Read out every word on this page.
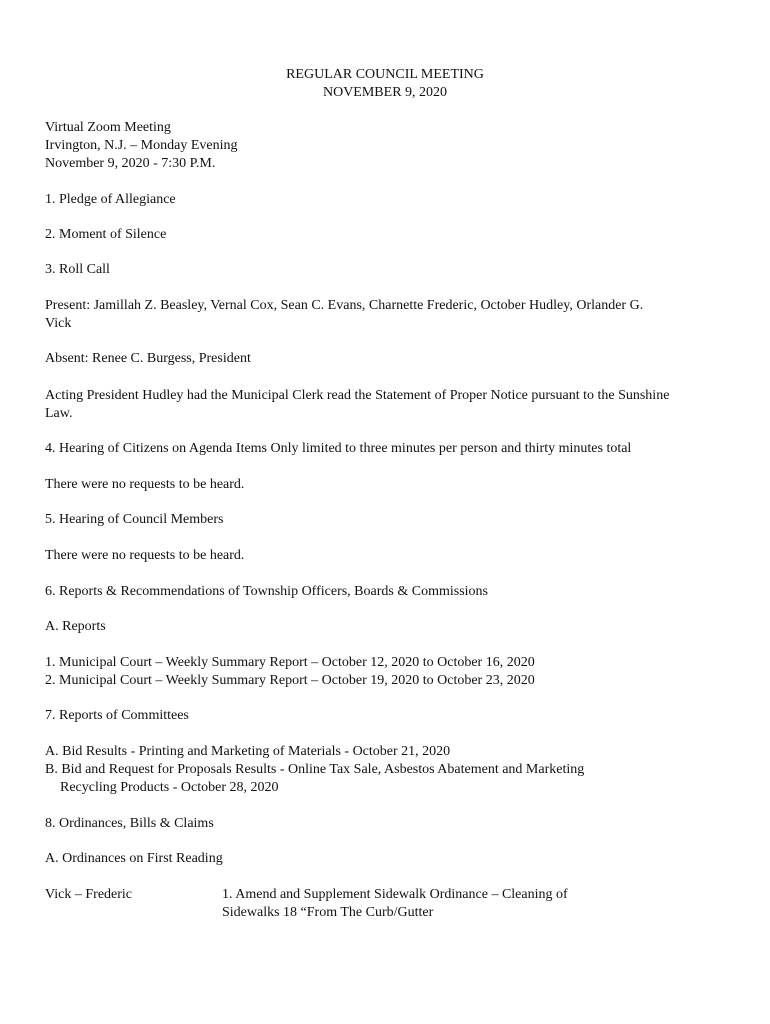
REGULAR COUNCIL MEETING
NOVEMBER 9, 2020
Virtual Zoom Meeting
Irvington, N.J. – Monday Evening
November 9, 2020 - 7:30 P.M.
1. Pledge of Allegiance
2. Moment of Silence
3. Roll Call
Present: Jamillah Z. Beasley, Vernal Cox, Sean C. Evans, Charnette Frederic, October Hudley, Orlander G.
Vick
Absent: Renee C. Burgess, President
Acting President Hudley had the Municipal Clerk read the Statement of Proper Notice pursuant to the Sunshine
Law.
4. Hearing of Citizens on Agenda Items Only limited to three minutes per person and thirty minutes total
There were no requests to be heard.
5. Hearing of Council Members
There were no requests to be heard.
6. Reports & Recommendations of Township Officers, Boards & Commissions
A. Reports
1. Municipal Court – Weekly Summary Report – October 12, 2020 to October 16, 2020
2. Municipal Court – Weekly Summary Report – October 19, 2020 to October 23, 2020
7. Reports of Committees
A. Bid Results - Printing and Marketing of Materials - October 21, 2020
B. Bid and Request for Proposals Results - Online Tax Sale, Asbestos Abatement and Marketing
Recycling Products - October 28, 2020
8. Ordinances, Bills & Claims
A. Ordinances on First Reading
Vick – Frederic	1. Amend and Supplement Sidewalk Ordinance – Cleaning of
Sidewalks 18 “From The Curb/Gutter
